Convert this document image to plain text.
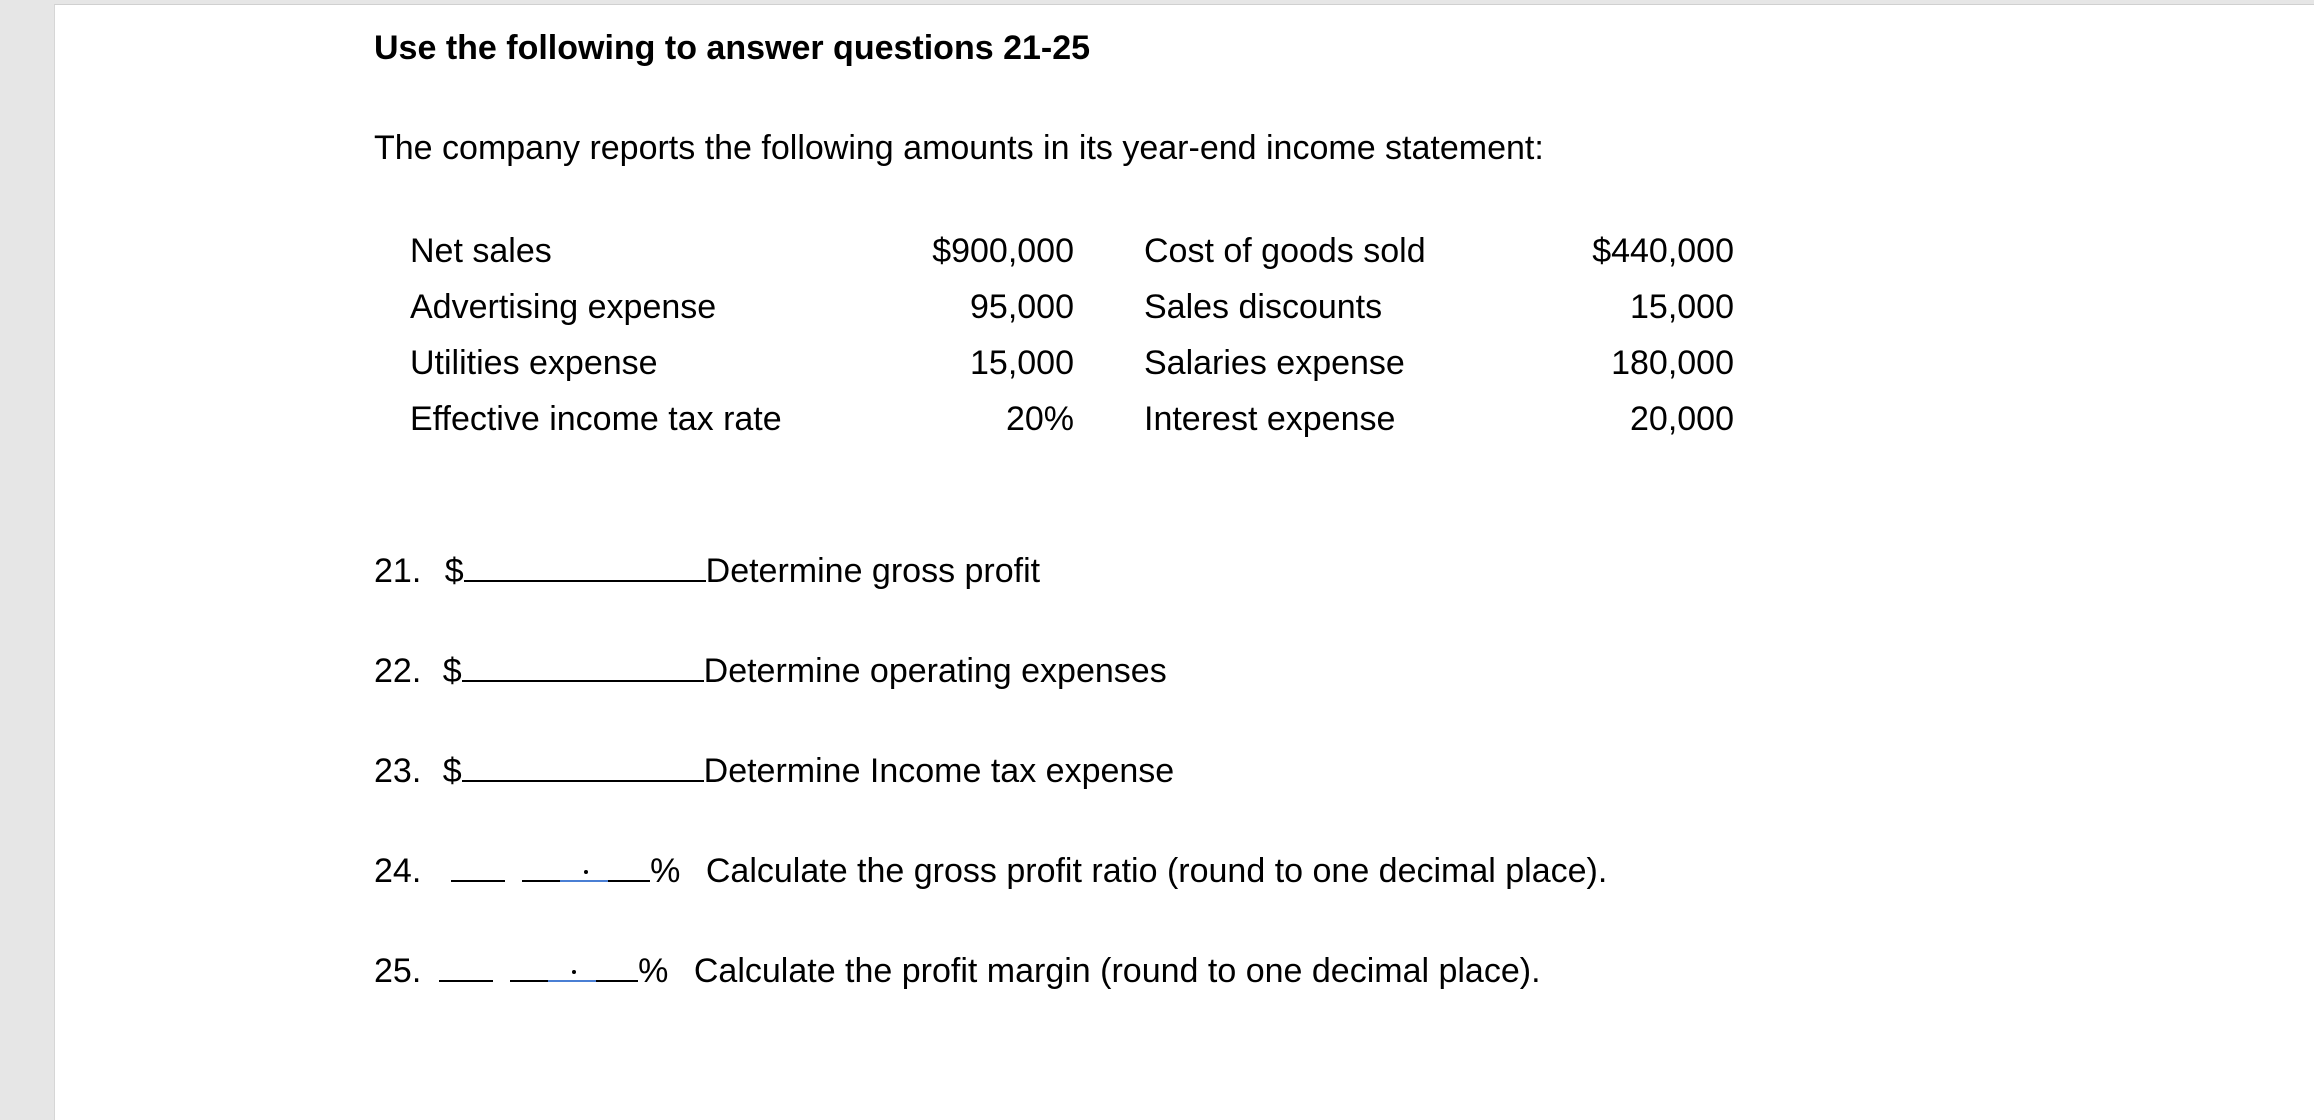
Use the following to answer questions 21-25
The company reports the following amounts in its year-end income statement:
Net sales	$900,000 Cost of goods sold	$440,000
Advertising expense	95,000 Sales discounts	15,000
Utilities expense	15,000 Salaries expense	180,000
Effective income tax rate	20% Interest expense	20,000
21. $	Determine gross profit
22. $	Determine operating expenses
23. $	Determine Income tax expense
24.	% Calculate the gross profit ratio (round to one decimal place).
25.	% Calculate the profit margin (round to one decimal place).
